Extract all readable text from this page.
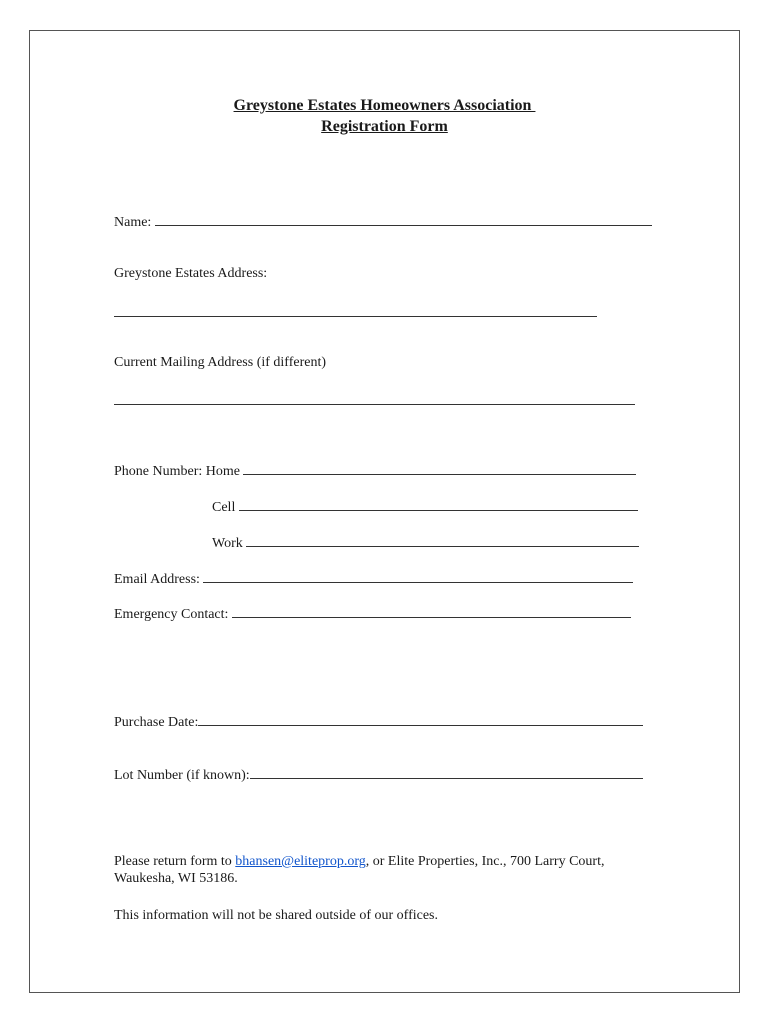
Greystone Estates Homeowners Association
Registration Form
Name:
Greystone Estates Address:
Current Mailing Address (if different)
Phone Number: Home
Cell
Work
Email Address:
Emergency Contact:
Purchase Date:
Lot Number (if known):
Please return form to bhansen@eliteprop.org, or Elite Properties, Inc., 700 Larry Court, Waukesha, WI 53186.
This information will not be shared outside of our offices.
